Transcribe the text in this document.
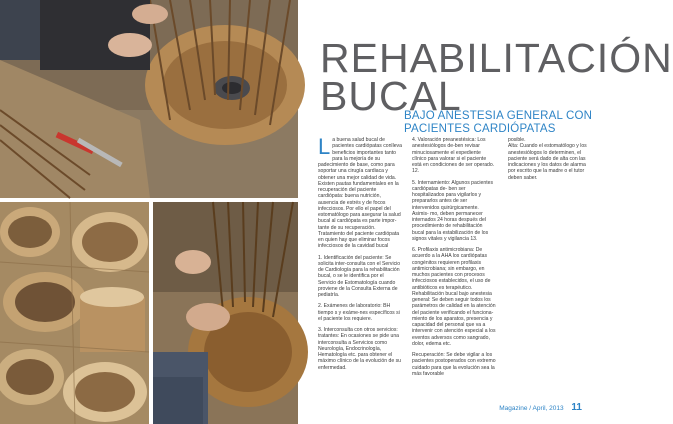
REHABILITACIÓN
BUCAL
BAJO ANESTESIA GENERAL CON PACIENTES CARDIÓPATAS

La buena salud bucal de pacientes cardiópatas conlleva beneficios importantes tanto para la mejoría de su padecimiento de base, como para soportar una cirugía cardiaca y obtener una mejor calidad de vida. Existen pautas fundamentales en la recuperación del paciente cardiópata: buena nutrición, ausencia de estrés y de focos infecciosos. Por ello el papel del estomatólogo para asegurar la salud bucal al cardiópata es parte impor-tante de su recuperación. Tratamiento del paciente cardiópata en quien hay que eliminar focos infecciosos de la cavidad bucal

1. Identificación del paciente: Se solicita inter-consulta con el Servicio de Cardiología para la rehabilitación bucal, o se le identifica por el Servicio de Estomatología cuando proviene de la Consulta Externa de pediatría.

2. Exámenes de laboratorio: BH tiempo s y exáme-nes específicos si el paciente los requiere.

3. Interconsulta con otros servicios: tratantes: En ocasiones se pide una interconsulta a Servicios como Neurología, Endocrinología, Hematología etc. para obtener el máximo clínico de la evolución de su enfermedad.

4. Valoración preanestésica: Los anestesiólogos de-ben revisar minuciosamente el expediente clínico para valorar si el paciente está en condiciones de ser operado. 12.

5. Internamiento: Algunos pacientes cardiópatas de- ben ser hospitalizados para vigilarlos y prepararlos antes de ser intervenidos quirúrgicamente. Asimis- mo, deben permanecer internados 24 horas después del procedimiento de rehabilitación bucal para la estabilización de los signos vitales y vigilancia 13.

6. Profilaxis antimicrobiana: De acuerdo a la AHA los cardiópatas congénitos requieren profilaxis antimicrobiana; sin embargo, en muchos pacientes con procesos infecciosos establecidos, el uso de antibióticos es terapéutico. Rehabilitación bucal bajo anestesia general: Se deben seguir todos los parámetros de calidad en la atención del paciente verificando el funciona- miento de los aparatos, presencia y capacidad del personal que va a intervenir con atención especial a los eventos adversos como sangrado, dolor, edema etc.

Recuperación: Se debe vigilar a los pacientes postoperados con extremo cuidado para que la evolución sea la más favorable

posible.

Alta: Cuando el estomatólogo y los anestesiólogos lo determinen, el paciente será dado de alta con las indicaciones y los datos de alarma por escrito que la madre o el tutor deben saber.

Magazine / April, 2013 11
